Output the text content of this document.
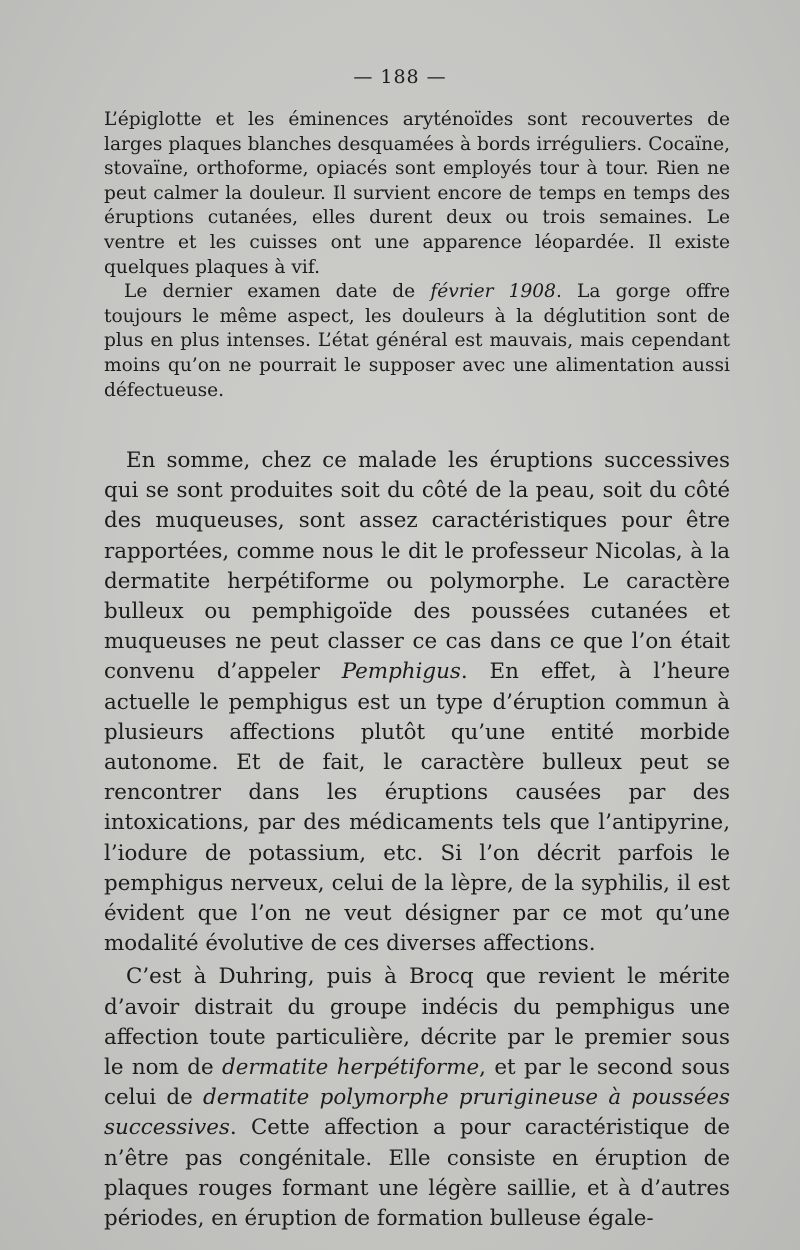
— 188 —

L’épiglotte et les éminences aryténoïdes sont recouvertes de larges plaques blanches desquamées à bords irréguliers. Cocaïne, stovaïne, orthoforme, opiacés sont employés tour à tour. Rien ne peut calmer la douleur. Il survient encore de temps en temps des éruptions cutanées, elles durent deux ou trois semaines. Le ventre et les cuisses ont une apparence léopardée. Il existe quelques plaques à vif.

Le dernier examen date de février 1908. La gorge offre toujours le même aspect, les douleurs à la déglutition sont de plus en plus intenses. L’état général est mauvais, mais cependant moins qu’on ne pourrait le supposer avec une alimentation aussi défectueuse.

En somme, chez ce malade les éruptions successives qui se sont produites soit du côté de la peau, soit du côté des muqueuses, sont assez caractéristiques pour être rapportées, comme nous le dit le professeur Nicolas, à la dermatite herpétiforme ou polymorphe. Le caractère bulleux ou pemphigoïde des poussées cutanées et muqueuses ne peut classer ce cas dans ce que l’on était convenu d’appeler Pemphigus. En effet, à l’heure actuelle le pemphigus est un type d’éruption commun à plusieurs affections plutôt qu’une entité morbide autonome. Et de fait, le caractère bulleux peut se rencontrer dans les éruptions causées par des intoxications, par des médicaments tels que l’antipyrine, l’iodure de potassium, etc. Si l’on décrit parfois le pemphigus nerveux, celui de la lèpre, de la syphilis, il est évident que l’on ne veut désigner par ce mot qu’une modalité évolutive de ces diverses affections.

C’est à Duhring, puis à Brocq que revient le mérite d’avoir distrait du groupe indécis du pemphigus une affection toute particulière, décrite par le premier sous le nom de dermatite herpétiforme, et par le second sous celui de dermatite polymorphe prurigineuse à poussées successives. Cette affection a pour caractéristique de n’être pas congénitale. Elle consiste en éruption de plaques rouges formant une légère saillie, et à d’autres périodes, en éruption de formation bulleuse égale-
